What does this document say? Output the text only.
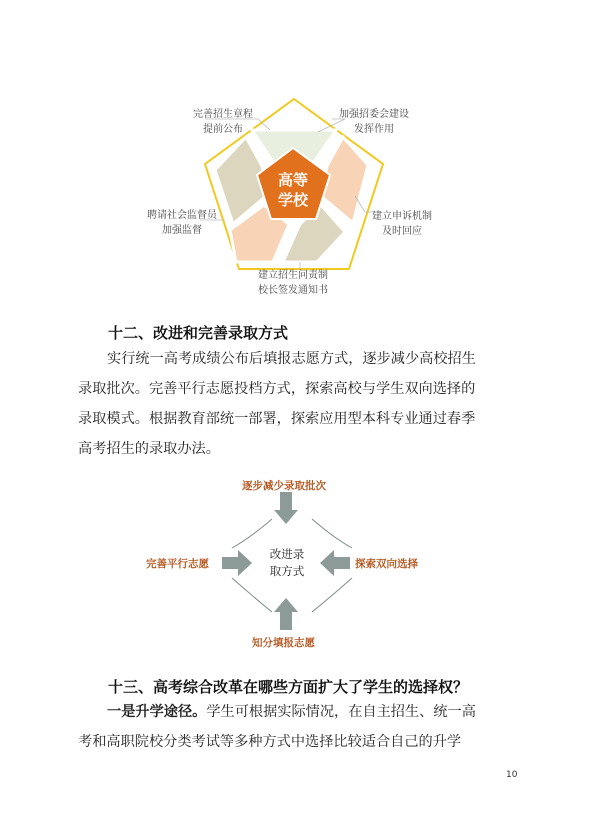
高等
学校
完善招生章程
提前公布
加强招委会建设
发挥作用
建立申诉机制
及时回应
建立招生问责制
校长签发通知书
聘请社会监督员
加强监督
十二、改进和完善录取方式
实行统一高考成绩公布后填报志愿方式，逐步减少高校招生
录取批次。完善平行志愿投档方式，探索高校与学生双向选择的
录取模式。根据教育部统一部署，探索应用型本科专业通过春季
高考招生的录取办法。
改进录
取方式
逐步减少录取批次
完善平行志愿	探索双向选择
知分填报志愿
十三、高考综合改革在哪些方面扩大了学生的选择权？
一是升学途径。学生可根据实际情况，在自主招生、统一高
考和高职院校分类考试等多种方式中选择比较适合自己的升学
10
